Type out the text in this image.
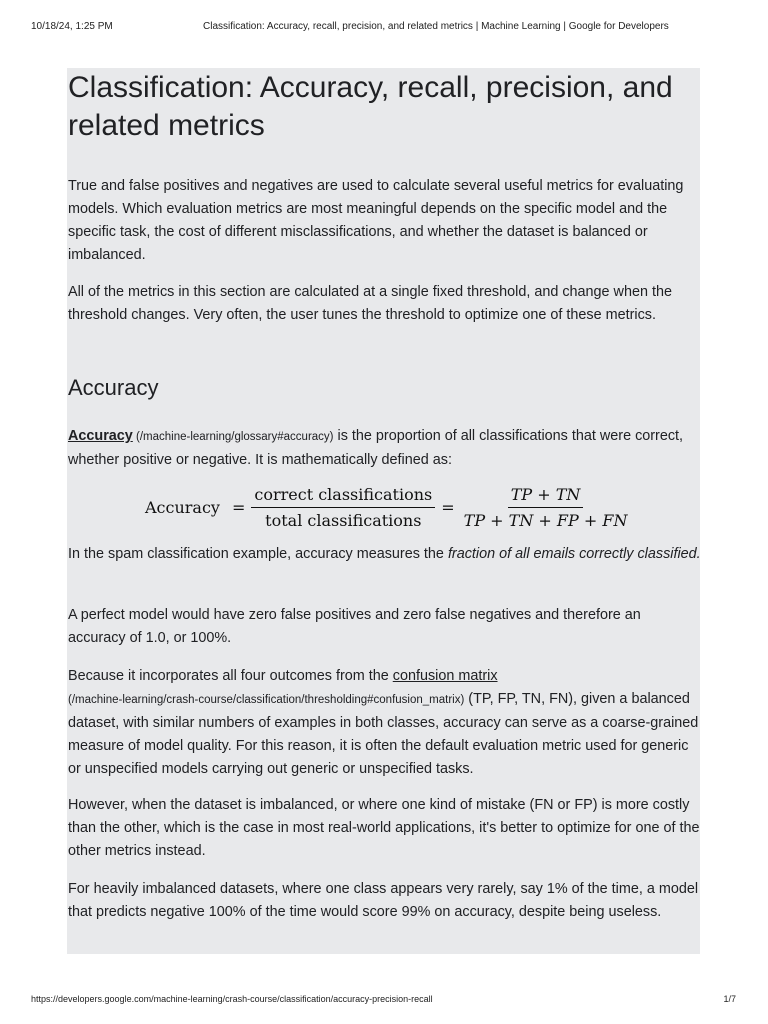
10/18/24, 1:25 PM	Classification: Accuracy, recall, precision, and related metrics | Machine Learning | Google for Developers
Classification: Accuracy, recall, precision, and related metrics

True and false positives and negatives are used to calculate several useful metrics for evaluating models. Which evaluation metrics are most meaningful depends on the specific model and the specific task, the cost of different misclassifications, and whether the dataset is balanced or imbalanced.

All of the metrics in this section are calculated at a single fixed threshold, and change when the threshold changes. Very often, the user tunes the threshold to optimize one of these metrics.

Accuracy

Accuracy (/machine-learning/glossary#accuracy) is the proportion of all classifications that were correct, whether positive or negative. It is mathematically defined as:

Accuracy = $\frac{\text{correct classifications}}{\text{total classifications}} = \frac{TP + TN}{TP + TN + FP + FN}$

In the spam classification example, accuracy measures the fraction of all emails correctly classified.

A perfect model would have zero false positives and zero false negatives and therefore an accuracy of 1.0, or 100%.

Because it incorporates all four outcomes from the confusion matrix
(/machine-learning/crash-course/classification/thresholding#confusion_matrix) (TP, FP, TN, FN), given a balanced dataset, with similar numbers of examples in both classes, accuracy can serve as a coarse-grained measure of model quality. For this reason, it is often the default evaluation metric used for generic or unspecified models carrying out generic or unspecified tasks.

However, when the dataset is imbalanced, or where one kind of mistake (FN or FP) is more costly than the other, which is the case in most real-world applications, it's better to optimize for one of the other metrics instead.

For heavily imbalanced datasets, where one class appears very rarely, say 1% of the time, a model that predicts negative 100% of the time would score 99% on accuracy, despite being useless.

https://developers.google.com/machine-learning/crash-course/classification/accuracy-precision-recall	1/7
